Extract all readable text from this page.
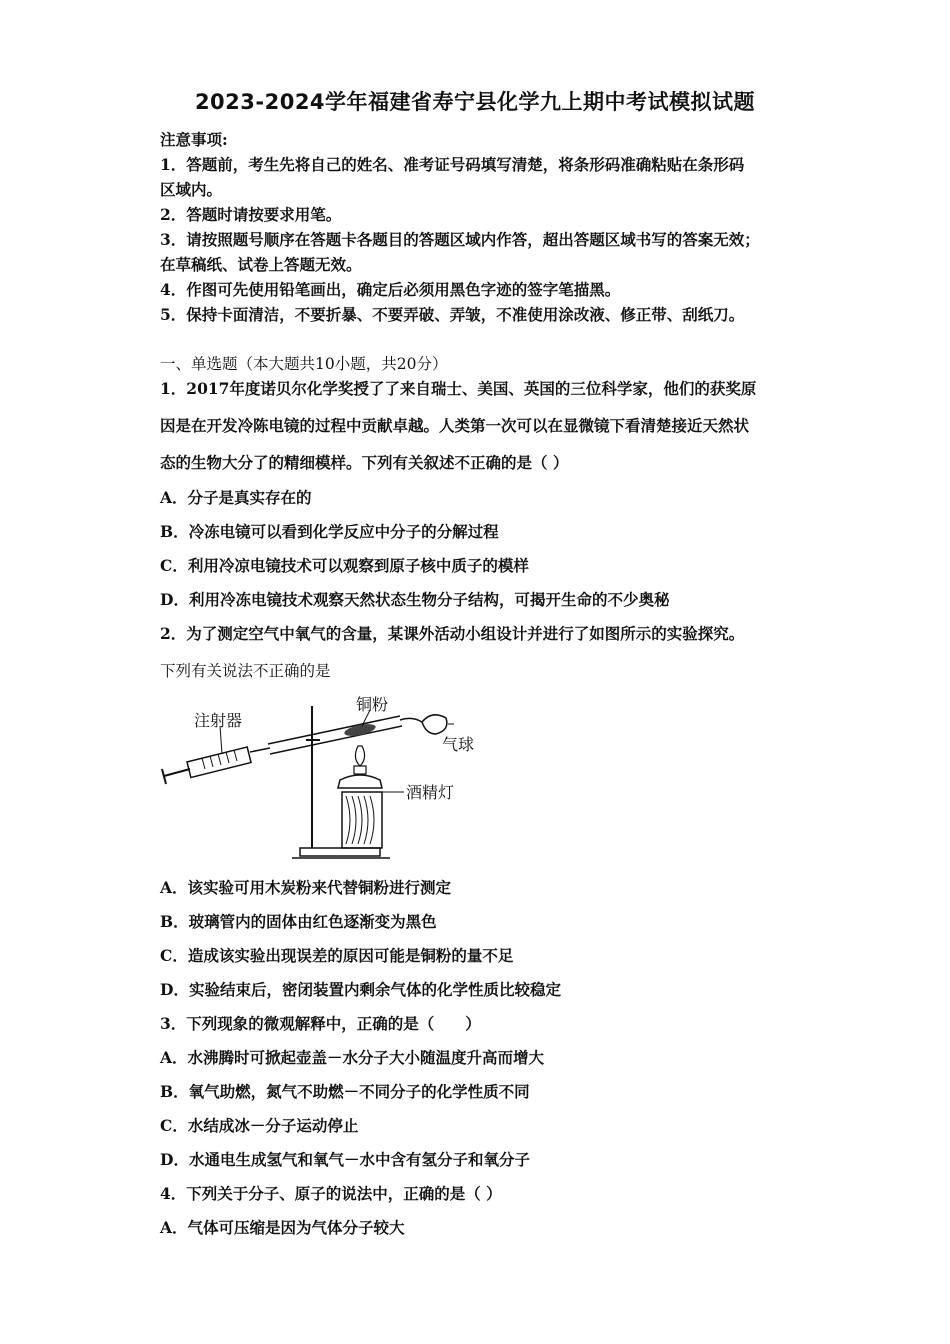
2023-2024学年福建省寿宁县化学九上期中考试模拟试题
注意事项:
1．答题前，考生先将自己的姓名、准考证号码填写清楚，将条形码准确粘贴在条形码
区域内。
2．答题时请按要求用笔。
3．请按照题号顺序在答题卡各题目的答题区域内作答，超出答题区域书写的答案无效；
在草稿纸、试卷上答题无效。
4．作图可先使用铅笔画出，确定后必须用黑色字迹的签字笔描黑。
5．保持卡面清洁，不要折暴、不要弄破、弄皱，不准使用涂改液、修正带、刮纸刀。
一、单选题（本大题共10小题，共20分）
1．2017年度诺贝尔化学奖授了了来自瑞士、美国、英国的三位科学家，他们的获奖原
因是在开发冷陈电镜的过程中贡献卓越。人类第一次可以在显微镜下看清楚接近天然状
态的生物大分了的精细模样。下列有关叙述不正确的是（ ）
A．分子是真实存在的
B．冷冻电镜可以看到化学反应中分子的分解过程
C．利用冷凉电镜技术可以观察到原子核中质子的模样
D．利用冷冻电镜技术观察天然状态生物分子结构，可揭开生命的不少奥秘
2．为了测定空气中氧气的含量，某课外活动小组设计并进行了如图所示的实验探究。
下列有关说法不正确的是
注射器
铜粉
气球
酒精灯
A．该实验可用木炭粉来代替铜粉进行测定
B．玻璃管内的固体由红色逐渐变为黑色
C．造成该实验出现误差的原因可能是铜粉的量不足
D．实验结束后，密闭装置内剩余气体的化学性质比较稳定
3．下列现象的微观解释中，正确的是（　　）
A．水沸腾时可掀起壶盖－水分子大小随温度升高而增大
B．氧气助燃，氮气不助燃－不同分子的化学性质不同
C．水结成冰－分子运动停止
D．水通电生成氢气和氧气－水中含有氢分子和氧分子
4．下列关于分子、原子的说法中，正确的是（ ）
A．气体可压缩是因为气体分子较大
